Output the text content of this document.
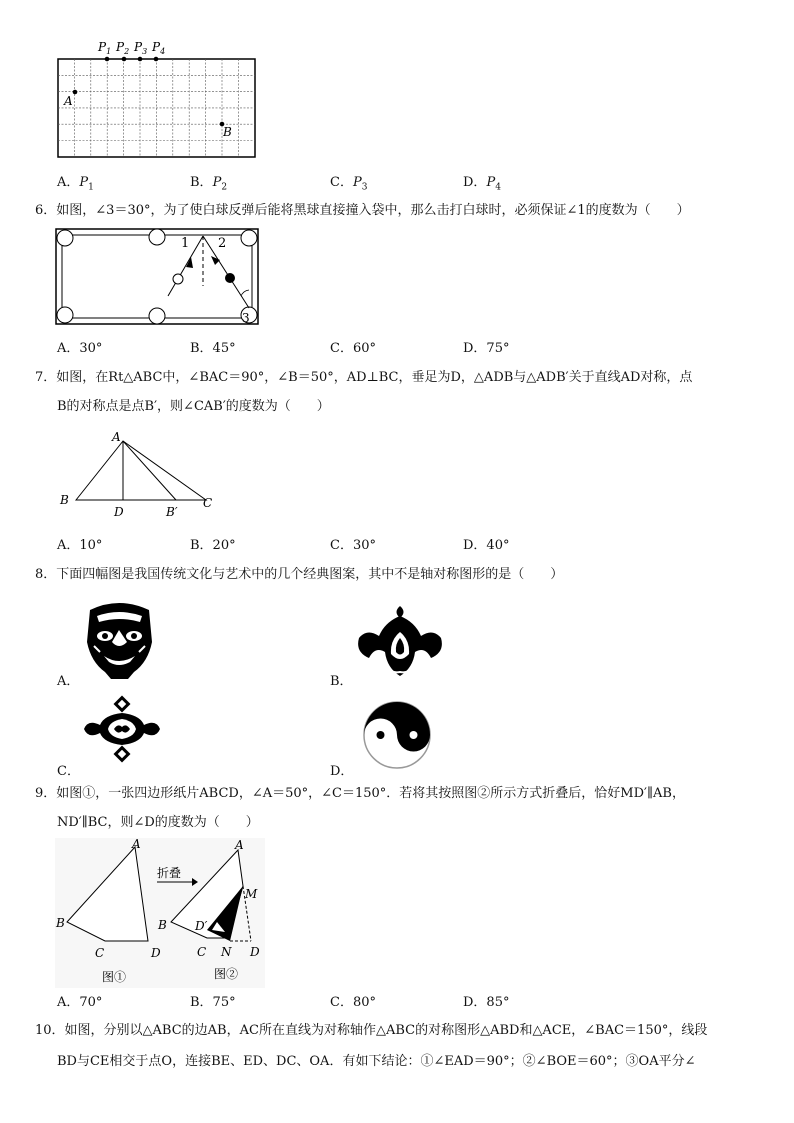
$P_1$ $P_2$ $P_3$ $P_4$
A
B
A．$P_1$	B．$P_2$	C．$P_3$	D．$P_4$
6．如图，∠3＝30°，为了使白球反弹后能将黑球直接撞入袋中，那么击打白球时，必须保证∠1的度数为（　　）
1 2
3
A．30°	B．45°	C．60°	D．75°
7．如图，在Rt△ABC中，∠BAC＝90°，∠B＝50°，AD⊥BC，垂足为D，△ADB与△ADB′关于直线AD对称，点
B的对称点是点B′，则∠CAB′的度数为（　　）
A
B	C
D	B′
A．10°	B．20°	C．30°	D．40°
8．下面四幅图是我国传统文化与艺术中的几个经典图案，其中不是轴对称图形的是（　　）
A．	B．
C．	D．
9．如图①，一张四边形纸片ABCD，∠A＝50°，∠C＝150°．若将其按照图②所示方式折叠后，恰好MD′∥AB，
ND′∥BC，则∠D的度数为（　　）
A
B
C	D
图①
折叠
A
B
M
D′
C N D
图②
A．70°	B．75°	C．80°	D．85°
10．如图，分别以△ABC的边AB，AC所在直线为对称轴作△ABC的对称图形△ABD和△ACE，∠BAC＝150°，线段
BD与CE相交于点O，连接BE、ED、DC、OA．有如下结论：①∠EAD＝90°；②∠BOE＝60°；③OA平分∠
